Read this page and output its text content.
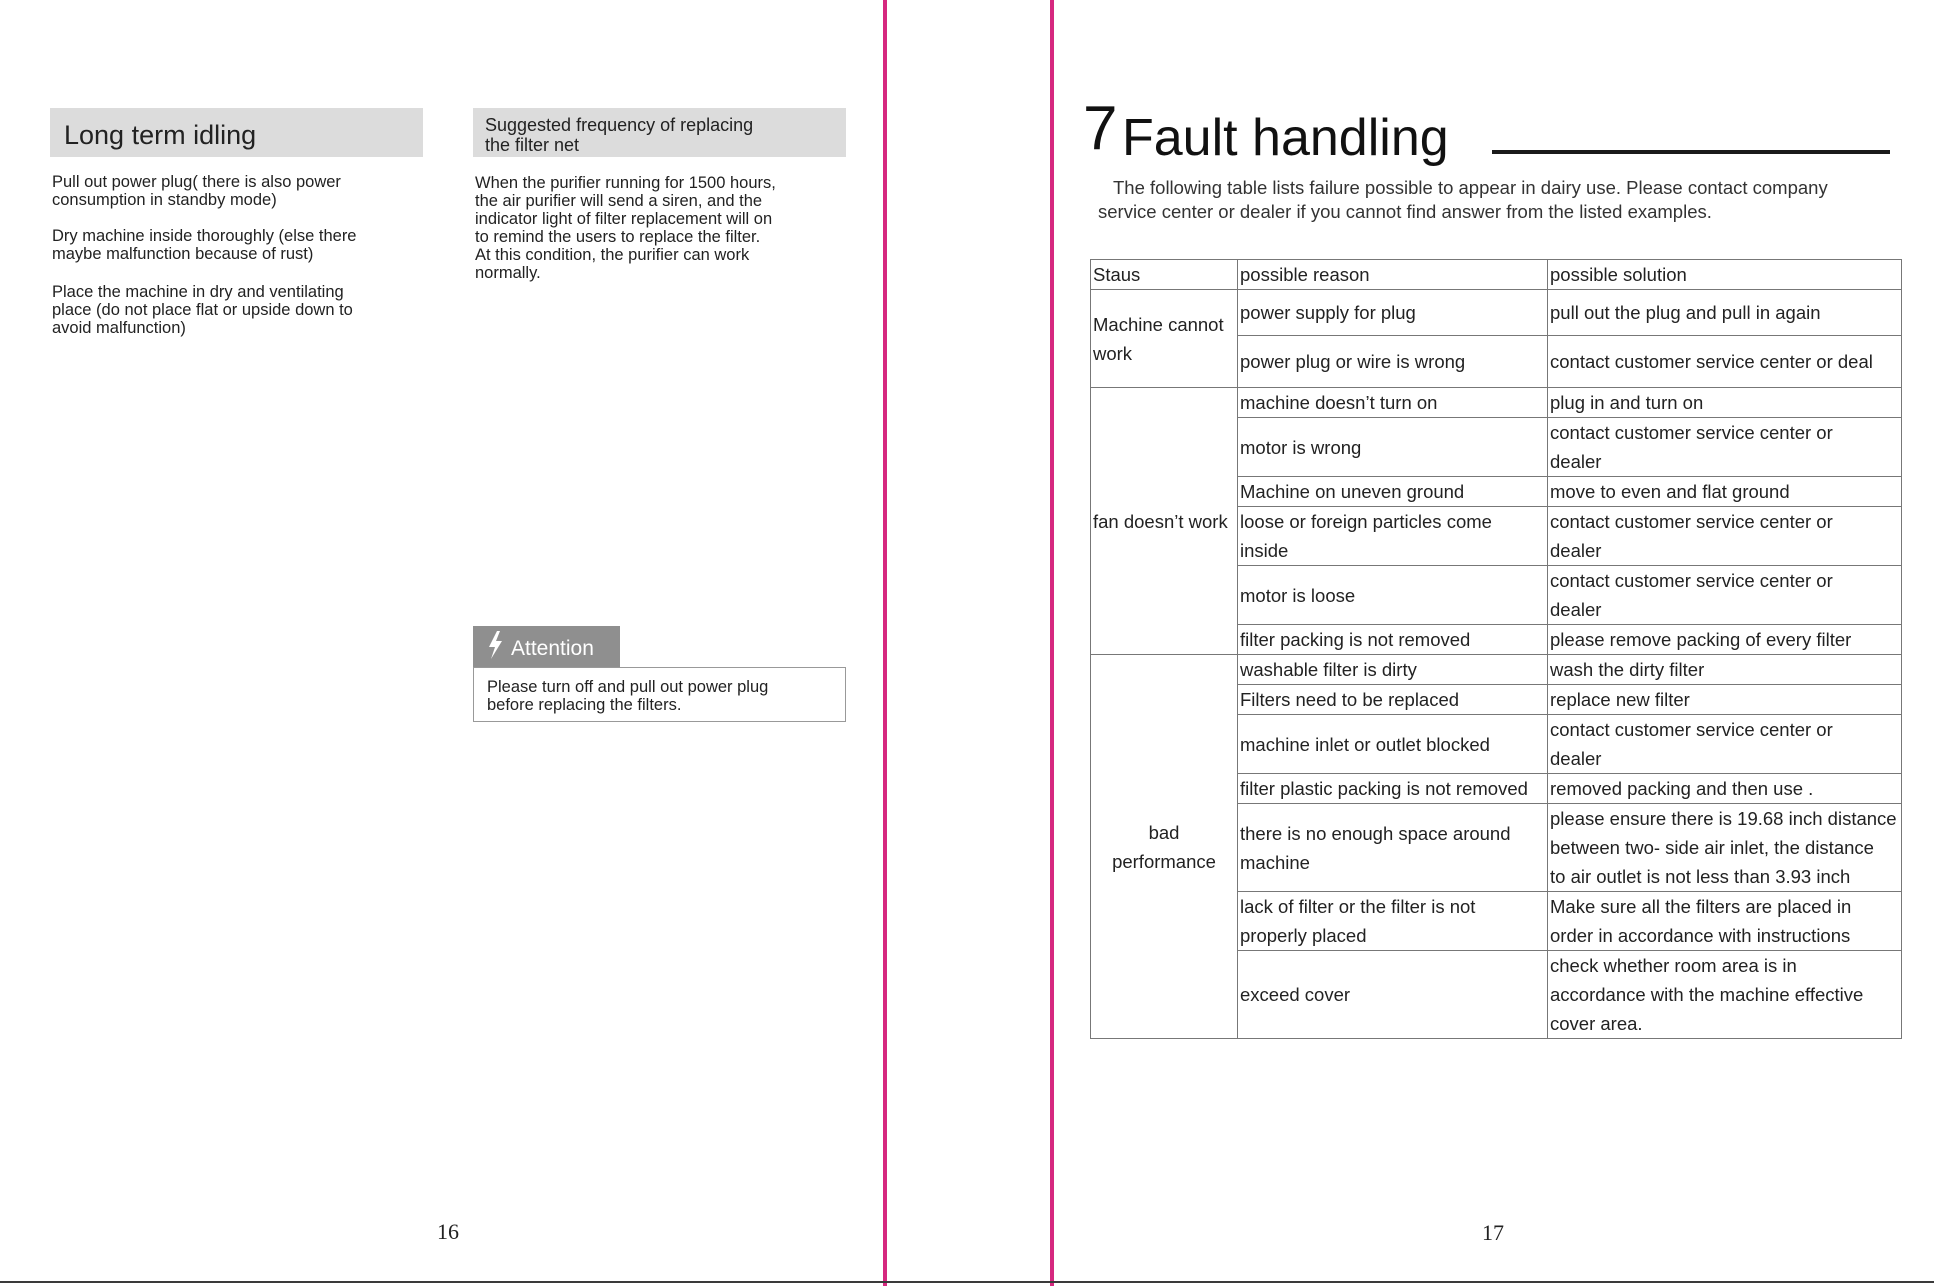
Long term idling

Pull out power plug( there is also power
consumption in standby mode)

Dry machine inside thoroughly (else there
maybe malfunction because of rust)

Place the machine in dry and ventilating
place (do not place flat or upside down to
avoid malfunction)

Suggested frequency of replacing
the filter net
When the purifier running for 1500 hours,
the air purifier will send a siren, and the
indicator light of filter replacement will on
to remind the users to replace the filter.
At this condition, the purifier can work
normally.
Attention
Please turn off and pull out power plug
before replacing the filters.
16
7 Fault handling
The following table lists failure possible to appear in dairy use. Please contact company
service center or dealer if you cannot find answer from the listed examples.
Staus	possible reason	possible solution
Machine cannot
work	power supply for plug	pull out the plug and pull in again
	power plug or wire is wrong	contact customer service center or deal
fan doesn’t work	machine doesn’t turn on	plug in and turn on
	motor is wrong	contact customer service center or
dealer
	Machine on uneven ground	move to even and flat ground
	loose or foreign particles come
inside	contact customer service center or
dealer
	motor is loose	contact customer service center or
dealer
	filter packing is not removed	please remove packing of every filter
bad
performance	washable filter is dirty	wash the dirty filter
	Filters need to be replaced	replace new filter
	machine inlet or outlet blocked	contact customer service center or
dealer
	filter plastic packing is not removed	removed packing and then use .
	there is no enough space around
machine	please ensure there is 19.68 inch distance
between two- side air inlet, the distance
to air outlet is not less than 3.93 inch
	lack of filter or the filter is not
properly placed	Make sure all the filters are placed in
order in accordance with instructions
	exceed cover	check whether room area is in
accordance with the machine effective
cover area.
17
